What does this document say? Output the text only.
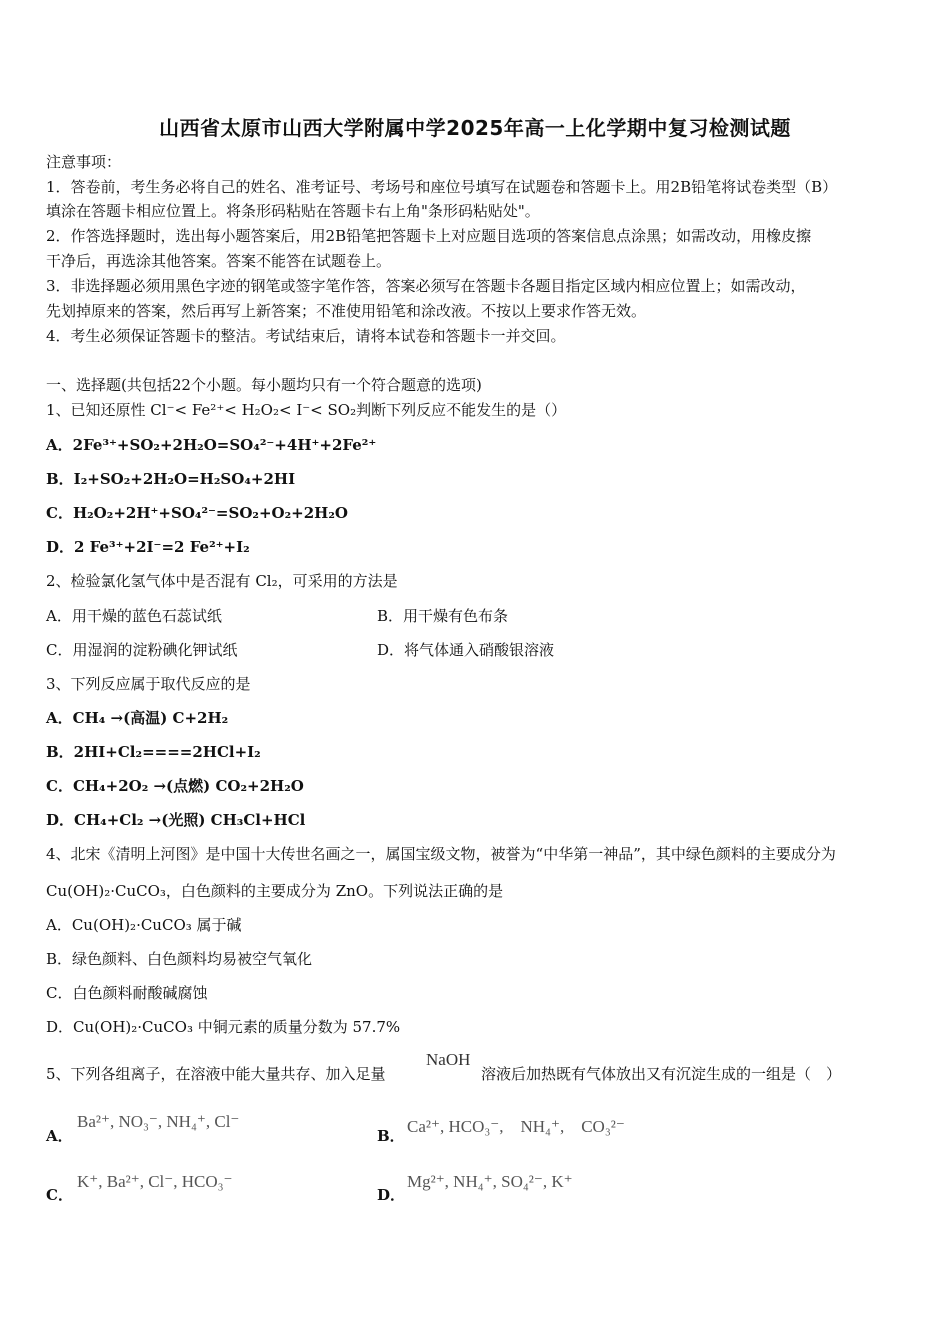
山西省太原市山西大学附属中学2025年高一上化学期中复习检测试题
注意事项：
1．答卷前，考生务必将自己的姓名、准考证号、考场号和座位号填写在试题卷和答题卡上。用2B铅笔将试卷类型（B）
填涂在答题卡相应位置上。将条形码粘贴在答题卡右上角"条形码粘贴处"。
2．作答选择题时，选出每小题答案后，用2B铅笔把答题卡上对应题目选项的答案信息点涂黑；如需改动，用橡皮擦
干净后，再选涂其他答案。答案不能答在试题卷上。
3．非选择题必须用黑色字迹的钢笔或签字笔作答，答案必须写在答题卡各题目指定区域内相应位置上；如需改动，
先划掉原来的答案，然后再写上新答案；不准使用铅笔和涂改液。不按以上要求作答无效。
4．考生必须保证答题卡的整洁。考试结束后，请将本试卷和答题卡一并交回。
一、选择题(共包括22个小题。每小题均只有一个符合题意的选项)
1、已知还原性 Cl⁻< Fe²⁺< H₂O₂< I⁻< SO₂判断下列反应不能发生的是（）
A．2Fe³⁺+SO₂+2H₂O=SO₄²⁻+4H⁺+2Fe²⁺
B．I₂+SO₂+2H₂O=H₂SO₄+2HI
C．H₂O₂+2H⁺+SO₄²⁻=SO₂+O₂+2H₂O
D．2 Fe³⁺+2I⁻=2 Fe²⁺+I₂
2、检验氯化氢气体中是否混有 Cl₂，可采用的方法是
A．用干燥的蓝色石蕊试纸	B．用干燥有色布条
C．用湿润的淀粉碘化钾试纸	D．将气体通入硝酸银溶液
3、下列反应属于取代反应的是
A．CH₄ →(高温) C+2H₂
B．2HI+Cl₂====2HCl+I₂
C．CH₄+2O₂ →(点燃) CO₂+2H₂O
D．CH₄+Cl₂ →(光照) CH₃Cl+HCl
4、北宋《清明上河图》是中国十大传世名画之一，属国宝级文物，被誉为“中华第一神品”，其中绿色颜料的主要成分为
Cu(OH)₂·CuCO₃，白色颜料的主要成分为 ZnO。下列说法正确的是
A．Cu(OH)₂·CuCO₃ 属于碱
B．绿色颜料、白色颜料均易被空气氧化
C．白色颜料耐酸碱腐蚀
D．Cu(OH)₂·CuCO₃ 中铜元素的质量分数为 57.7%
5、下列各组离子，在溶液中能大量共存、加入足量
NaOH
溶液后加热既有气体放出又有沉淀生成的一组是（　）
A．
Ba²⁺, NO₃⁻, NH₄⁺, Cl⁻
B． Ca²⁺, HCO₃⁻,　NH₄⁺,　CO₃²⁻
C．
K⁺, Ba²⁺, Cl⁻, HCO₃⁻
D．
Mg²⁺, NH₄⁺, SO₄²⁻, K⁺
